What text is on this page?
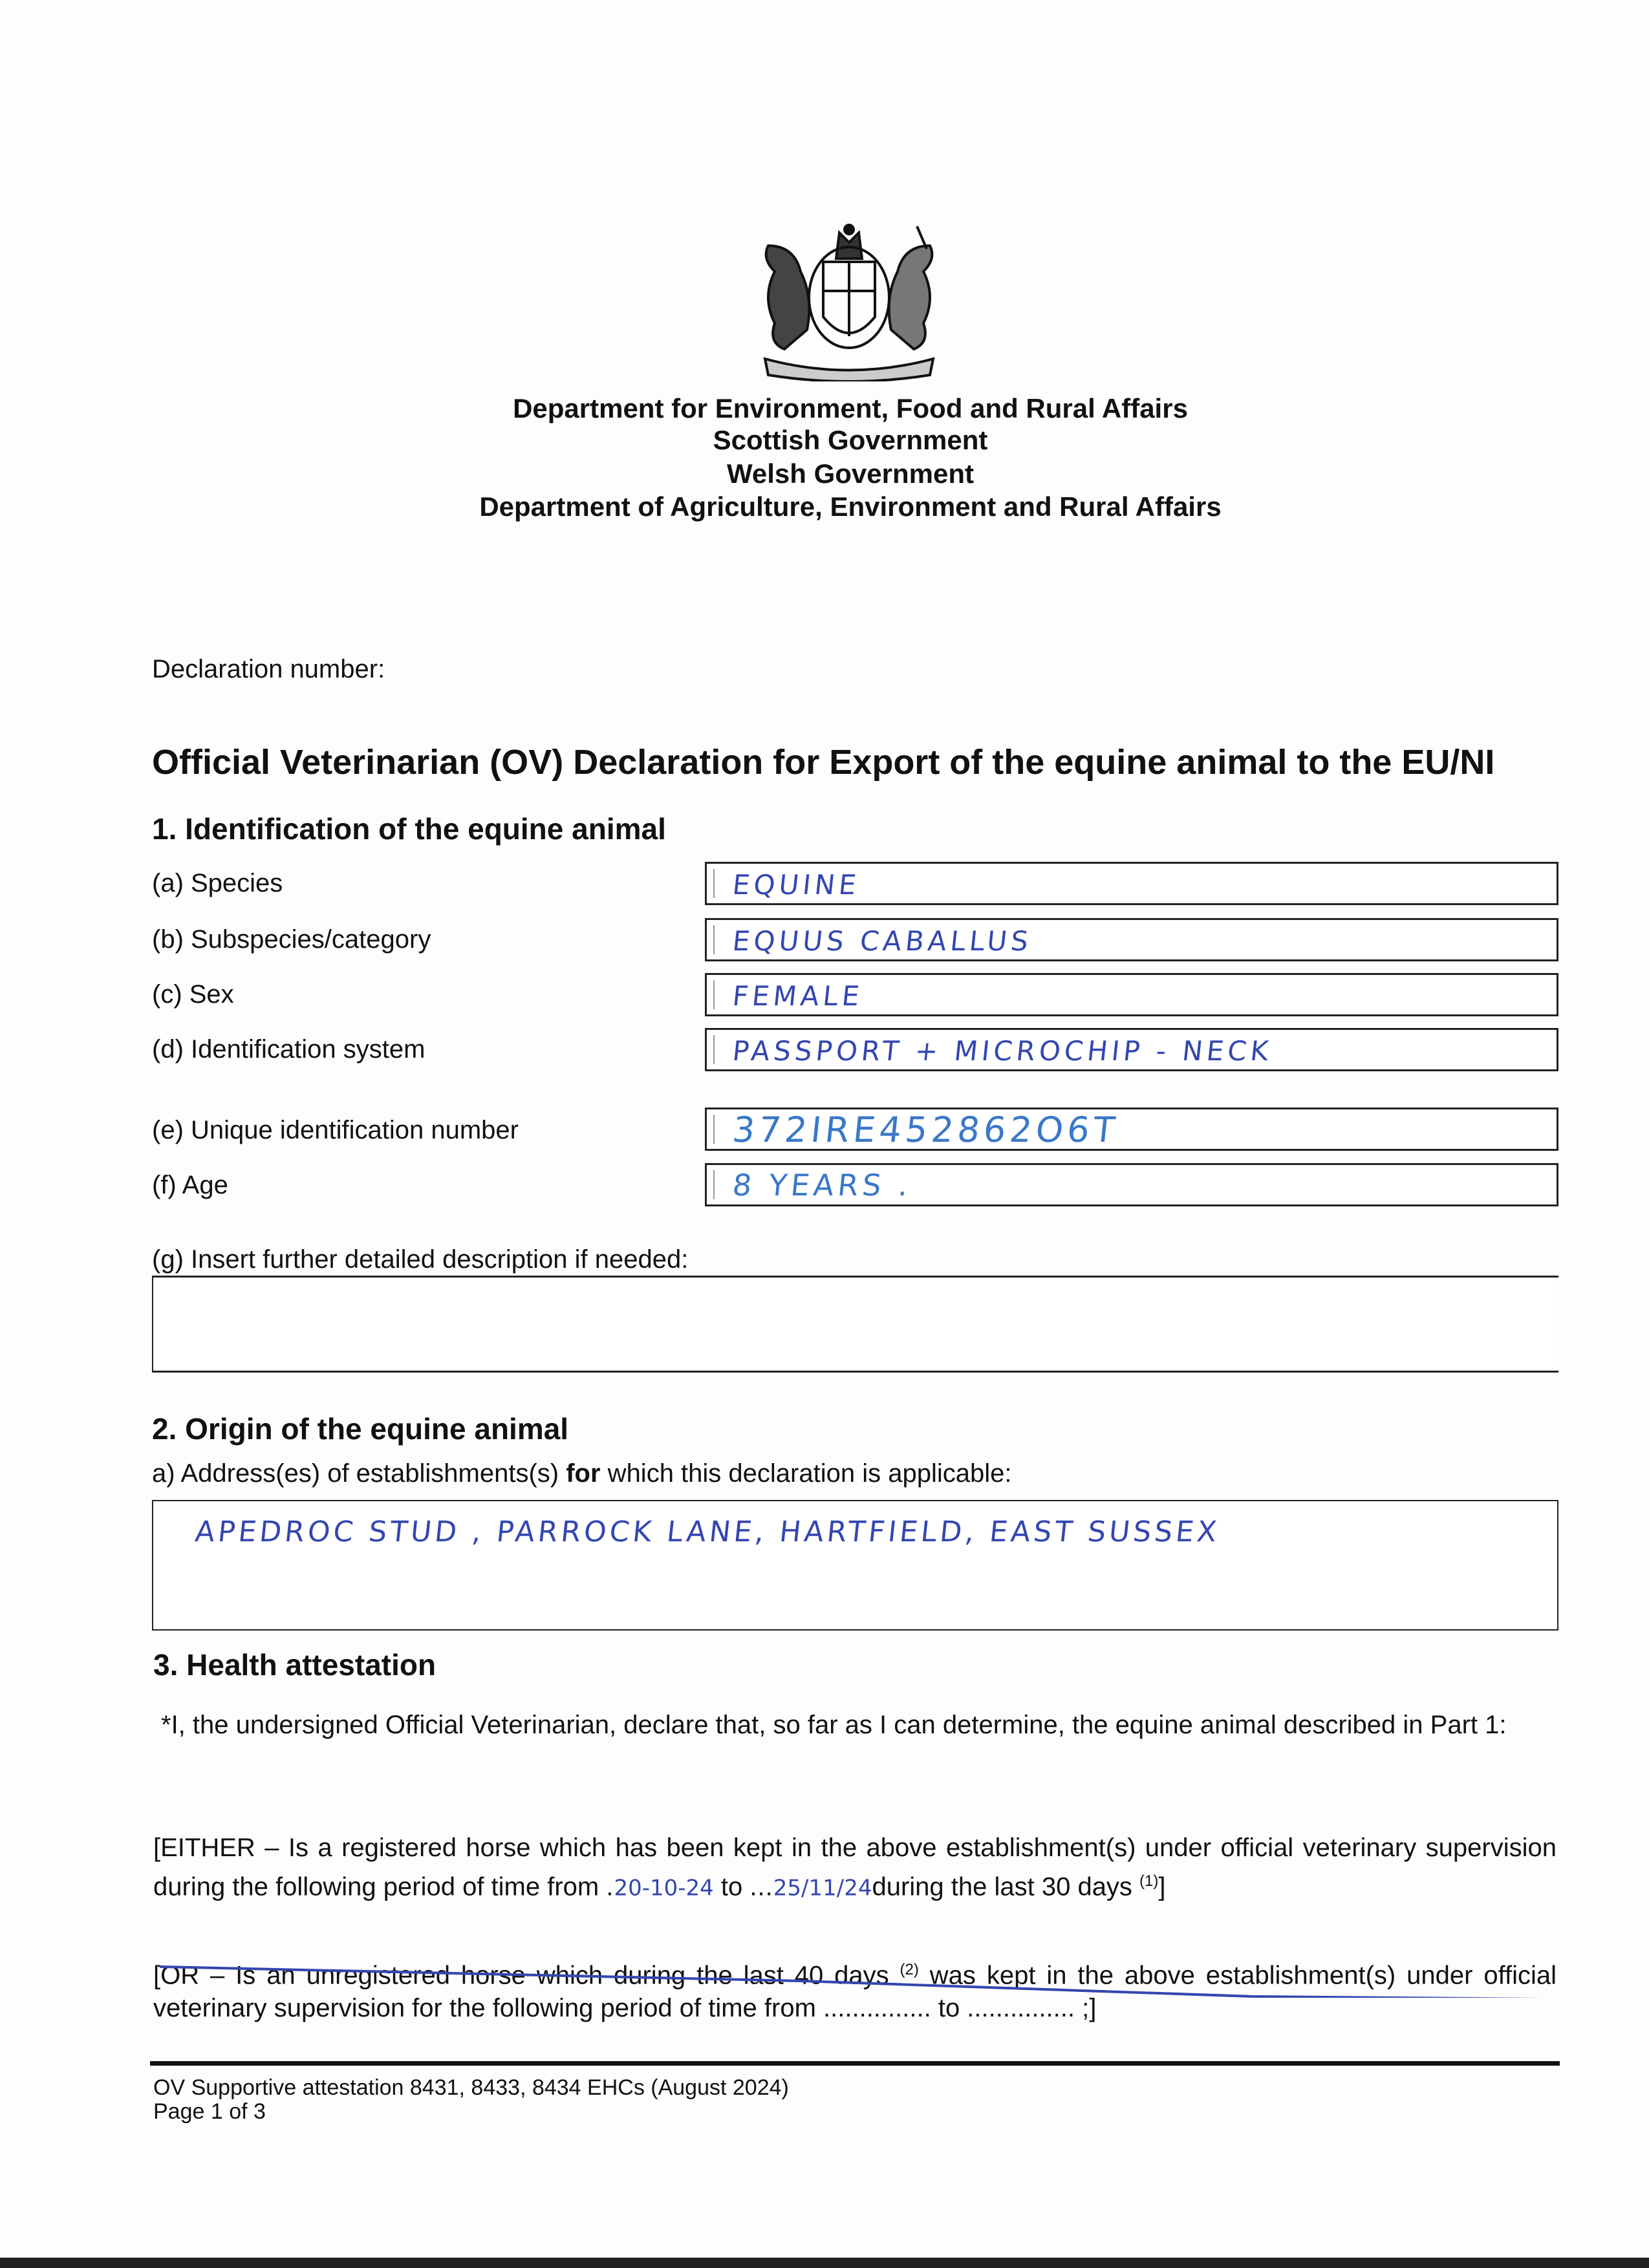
Department for Environment, Food and Rural Affairs
Scottish Government
Welsh Government
Department of Agriculture, Environment and Rural Affairs
Declaration number:
Official Veterinarian (OV) Declaration for Export of the equine animal to the EU/NI
1. Identification of the equine animal
(a) Species	EQUINE
(b) Subspecies/category	EQUUS CABALLUS
(c) Sex	FEMALE
(d) Identification system	PASSPORT + MICROCHIP - NECK
(e) Unique identification number	372IRE452862O6T
(f) Age	8 YEARS .
(g) Insert further detailed description if needed:
2. Origin of the equine animal
a) Address(es) of establishments(s) for which this declaration is applicable:
APEDROC STUD , PARROCK LANE, HARTFIELD, EAST SUSSEX
3. Health attestation
*I, the undersigned Official Veterinarian, declare that, so far as I can determine, the equine animal described in Part 1:
[EITHER – Is a registered horse which has been kept in the above establishment(s) under official veterinary supervision during the following period of time from .20-10-24 to ...25/11/24during the last 30 days $^{(1)}$]
[OR – Is an unregistered horse which during the last 40 days $^{(2)}$ was kept in the above establishment(s) under official veterinary supervision for the following period of time from ............... to ............... ;]
OV Supportive attestation 8431, 8433, 8434 EHCs (August 2024)
Page 1 of 3
